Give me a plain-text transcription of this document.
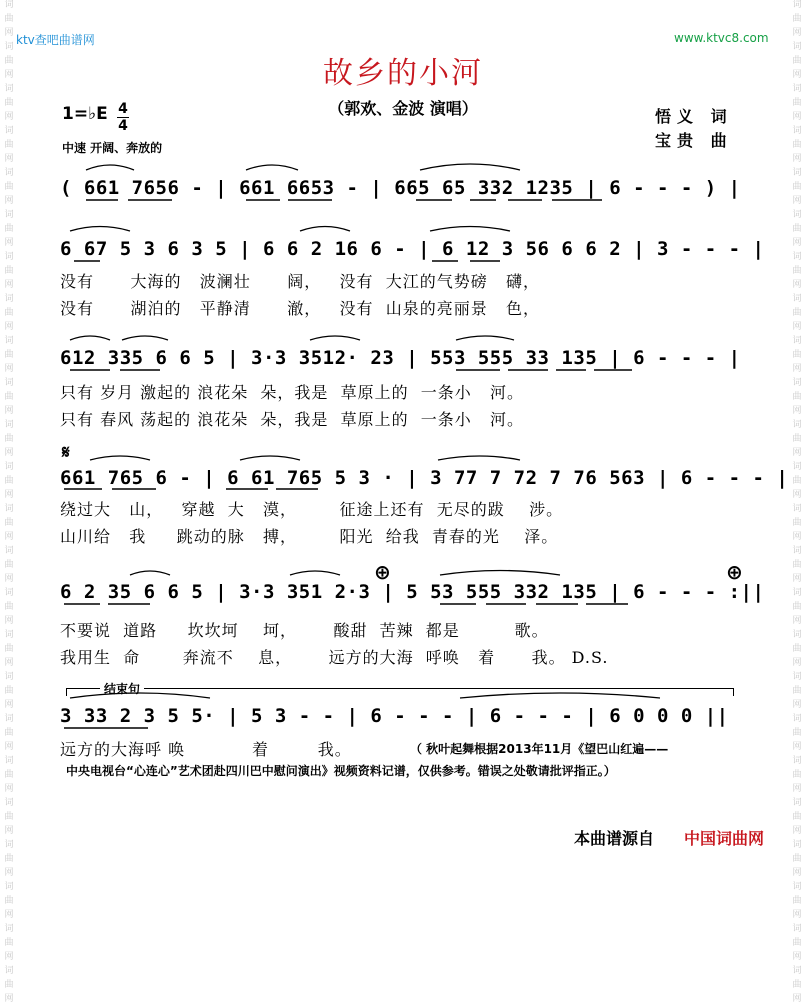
词
曲
网
词
曲
网
词
曲
网
词
曲
网
词
曲
网
词
曲
网
词
曲
网
词
曲
网
词
曲
网
词
曲
网
词
曲
网
词
曲
网
词
曲
网
词
曲
网
词
曲
网
词
曲
网
词
曲
网
词
曲
网
词
曲
网
词
曲
网
词
曲
网
词
曲
网
词
曲
网
词
曲
网
词
曲
网
词
曲
网
词
曲
网
词
曲
网
词
曲
网
词
曲
网
词
曲
网
词
曲
网
词
曲
网
词
曲
网
词
曲
网
词
曲
网
词
曲
网
词
曲
网
词
曲
网
词
曲
网
词
曲
网
词
曲
网
词
曲
网
词
曲
网
词
曲
网
词
曲
网
词
曲
网
词
曲
网
ktv查吧曲谱网	www.ktvc8.com
故乡的小河
（郭欢、金波 演唱）
1=♭E 4
4
中速 开阔、奔放的
悟义 词
宝贵 曲
( 661 7656 - | 661 6653 - | 665 65 332 1235 | 6 - - - ) |
6 67 5 3 6 3 5 | 6 6 2 16 6 - | 6 12 3 56 6 6 2 | 3 - - - |
没有      大海的   波澜壮      阔，   没有  大江的气势磅   礴，
没有      湖泊的   平静清      澈，   没有  山泉的亮丽景   色，
612 335 6 6 5 | 3·3 3512· 23 | 553 555 33 135 | 6 - - - |
只有 岁月 激起的 浪花朵  朵，我是  草原上的  一条小   河。
只有 春风 荡起的 浪花朵  朵，我是  草原上的  一条小   河。
𝄋
661 765 6 - | 6 61 765 5 3 · | 3 77 7 72 7 76 563 | 6 - - - |
绕过大   山，   穿越  大   漠，       征途上还有  无尽的跋    涉。
山川给   我     跳动的脉   搏，       阳光  给我  青春的光    泽。
⊕	⊕
6 2 35 6 6 5 | 3·3 351 2·3 | 5 53 555 332 135 | 6 - - - :||
不要说  道路     坎坎坷    坷，      酸甜  苦辣  都是         歌。
我用生  命       奔流不    息，      远方的大海  呼唤   着      我。 D.S.
结束句
3 33 2 3 5 5· | 5 3 - - | 6 - - - | 6 - - - | 6 0 0 0 ||
远方的大海呼 唤           着        我。	（ 秋叶起舞根据2013年11月《望巴山红遍——
中央电视台“心连心”艺术团赴四川巴中慰问演出》视频资料记谱，仅供参考。错误之处敬请批评指正。）
本曲谱源自 中国词曲网
